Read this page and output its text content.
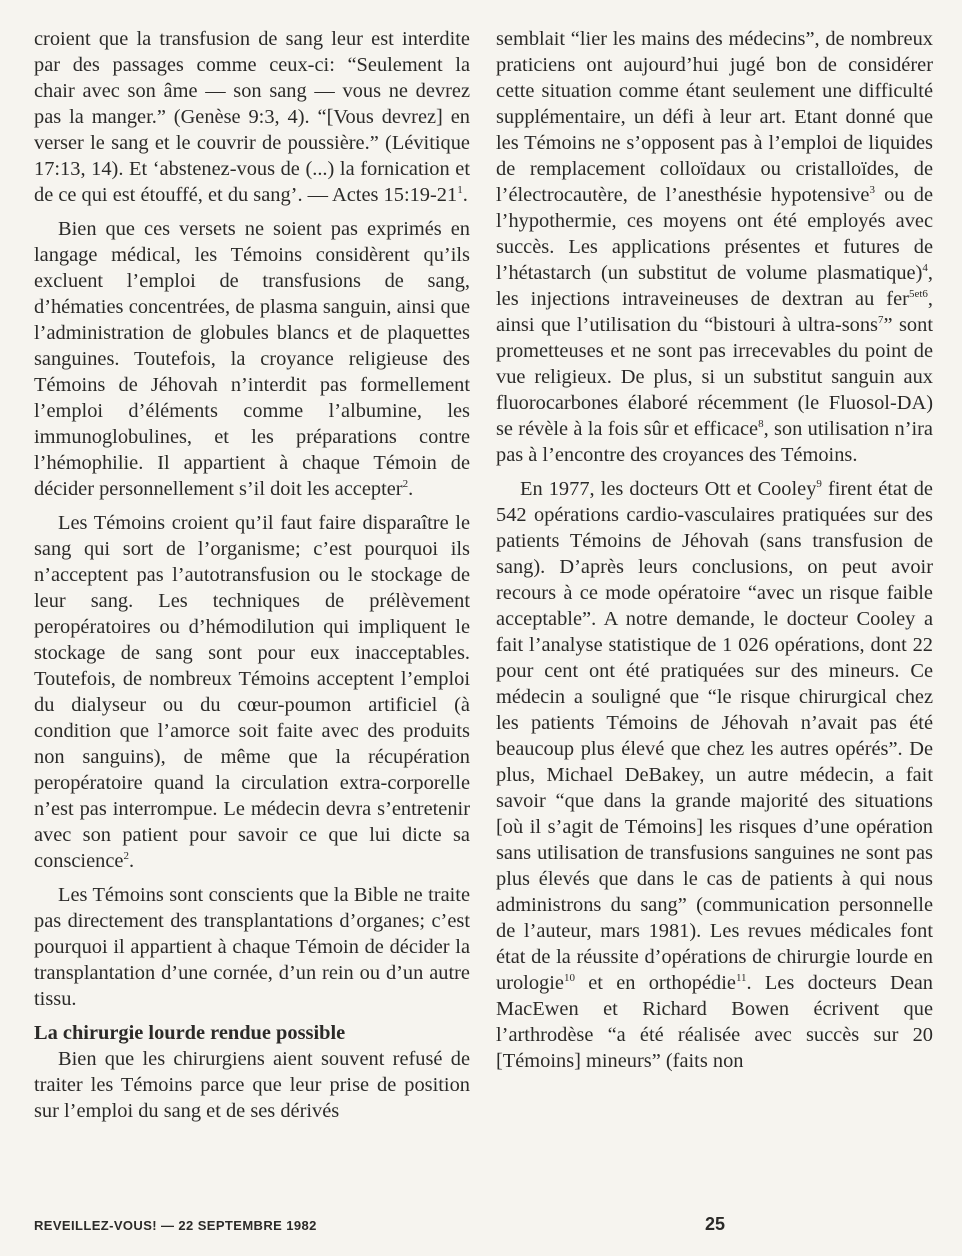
croient que la transfusion de sang leur est interdite par des passages comme ceux-ci: “Seulement la chair avec son âme — son sang — vous ne devrez pas la manger.” (Genèse 9:3, 4). “[Vous devrez] en verser le sang et le couvrir de poussière.” (Lévitique 17:13, 14). Et ‘abstenez-vous de (...) la fornication et de ce qui est étouffé, et du sang’. — Actes $15:19-21^1$.

Bien que ces versets ne soient pas exprimés en langage médical, les Témoins considèrent qu’ils excluent l’emploi de transfusions de sang, d’hématies concentrées, de plasma sanguin, ainsi que l’administration de globules blancs et de plaquettes sanguines. Toutefois, la croyance religieuse des Témoins de Jéhovah n’interdit pas formellement l’emploi d’éléments comme l’albumine, les immunoglobulines, et les préparations contre l’hémophilie. Il appartient à chaque Témoin de décider personnellement s’il doit les accepter$^2$.

Les Témoins croient qu’il faut faire disparaître le sang qui sort de l’organisme; c’est pourquoi ils n’acceptent pas l’autotransfusion ou le stockage de leur sang. Les techniques de prélèvement peropératoires ou d’hémodilution qui impliquent le stockage de sang sont pour eux inacceptables. Toutefois, de nombreux Témoins acceptent l’emploi du dialyseur ou du cœur-poumon artificiel (à condition que l’amorce soit faite avec des produits non sanguins), de même que la récupération peropératoire quand la circulation extra-corporelle n’est pas interrompue. Le médecin devra s’entretenir avec son patient pour savoir ce que lui dicte sa conscience$^2$.

Les Témoins sont conscients que la Bible ne traite pas directement des transplantations d’organes; c’est pourquoi il appartient à chaque Témoin de décider la transplantation d’une cornée, d’un rein ou d’un autre tissu.

La chirurgie lourde rendue possible

Bien que les chirurgiens aient souvent refusé de traiter les Témoins parce que leur prise de position sur l’emploi du sang et de ses dérivés

semblait “lier les mains des médecins”, de nombreux praticiens ont aujourd’hui jugé bon de considérer cette situation comme étant seulement une difficulté supplémentaire, un défi à leur art. Etant donné que les Témoins ne s’opposent pas à l’emploi de liquides de remplacement colloïdaux ou cristalloïdes, de l’électrocautère, de l’anesthésie hypotensive$^3$ ou de l’hypothermie, ces moyens ont été employés avec succès. Les applications présentes et futures de l’hétastarch (un substitut de volume plasmatique)$^4$, les injections intraveineuses de dextran au fer$^{5et6}$, ainsi que l’utilisation du “bistouri à ultra-sons$^7$” sont prometteuses et ne sont pas irrecevables du point de vue religieux. De plus, si un substitut sanguin aux fluorocarbones élaboré récemment (le Fluosol-DA) se révèle à la fois sûr et efficace$^8$, son utilisation n’ira pas à l’encontre des croyances des Témoins.

En 1977, les docteurs Ott et Cooley$^9$ firent état de 542 opérations cardio-vasculaires pratiquées sur des patients Témoins de Jéhovah (sans transfusion de sang). D’après leurs conclusions, on peut avoir recours à ce mode opératoire “avec un risque faible acceptable”. A notre demande, le docteur Cooley a fait l’analyse statistique de 1 026 opérations, dont 22 pour cent ont été pratiquées sur des mineurs. Ce médecin a souligné que “le risque chirurgical chez les patients Témoins de Jéhovah n’avait pas été beaucoup plus élevé que chez les autres opérés”. De plus, Michael DeBakey, un autre médecin, a fait savoir “que dans la grande majorité des situations [où il s’agit de Témoins] les risques d’une opération sans utilisation de transfusions sanguines ne sont pas plus élevés que dans le cas de patients à qui nous administrons du sang” (communication personnelle de l’auteur, mars 1981). Les revues médicales font état de la réussite d’opérations de chirurgie lourde en urologie$^{10}$ et en orthopédie$^{11}$. Les docteurs Dean MacEwen et Richard Bowen écrivent que l’arthrodèse “a été réalisée avec succès sur 20 [Témoins] mineurs” (faits non

REVEILLEZ-VOUS! — 22 SEPTEMBRE 1982	25
